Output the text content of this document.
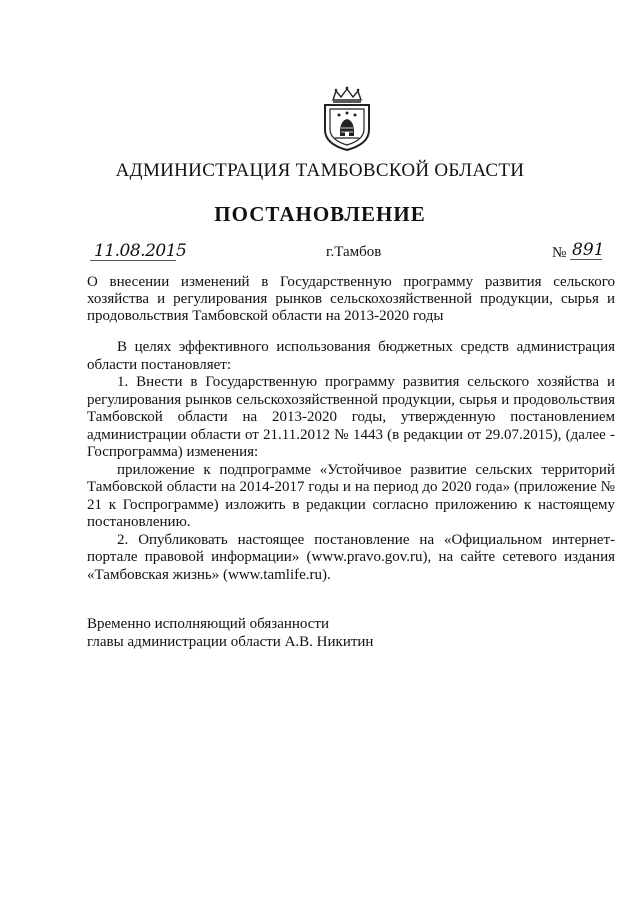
АДМИНИСТРАЦИЯ ТАМБОВСКОЙ ОБЛАСТИ
ПОСТАНОВЛЕНИЕ
11.08.2015	г.Тамбов	№ 891
О внесении изменений в Государственную программу развития сельского хозяйства и регулирования рынков сельскохозяйственной продукции, сырья и продовольствия Тамбовской области на 2013-2020 годы

В целях эффективного использования бюджетных средств администрация области постановляет:

1. Внести в Государственную программу развития сельского хозяйства и регулирования рынков сельскохозяйственной продукции, сырья и продовольствия Тамбовской области на 2013-2020 годы, утвержденную постановлением администрации области от 21.11.2012 № 1443 (в редакции от 29.07.2015), (далее - Госпрограмма) изменения:

приложение к подпрограмме «Устойчивое развитие сельских территорий Тамбовской области на 2014-2017 годы и на период до 2020 года» (приложение № 21 к Госпрограмме) изложить в редакции согласно приложению к настоящему постановлению.

2. Опубликовать настоящее постановление на «Официальном интернет-портале правовой информации» (www.pravo.gov.ru), на сайте сетевого издания «Тамбовская жизнь» (www.tamlife.ru).

Временно исполняющий обязанности
главы администрации области А.В. Никитин
